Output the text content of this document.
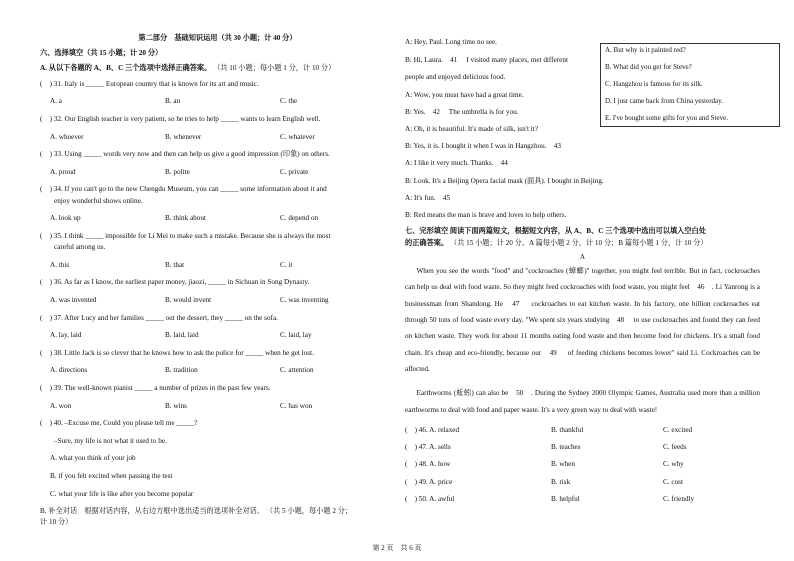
第二部分　基础知识运用（共 30 小题；计 40 分）
六、选择填空（共 15 小题；计 20 分）
A. 从以下各题的 A、B、C 三个选项中选择正确答案。 （共 10 小题；每小题 1 分，计 10 分）
(　) 31. Italy is _____ European country that is known for its art and music.
A. a	B. an	C. the
(　) 32. Our English teacher is very patient, so he tries to help _____ wants to learn English well.
A. whoever	B. whenever	C. whatever
(　) 33. Using _____ words very now and then can help us give a good impression (印象) on others.
A. proud	B. polite	C. private
(　) 34. If you can't go to the new Chengdu Museum, you can _____ some information about it and
enjoy wonderful shows online.
A. look up	B. think about	C. depend on
(　) 35. I think _____ impossible for Li Mei to make such a mistake. Because she is always the most
careful among us.
A. this	B. that	C. it
(　) 36. As far as I know, the earliest paper money, jiaozi, _____ in Sichuan in Song Dynasty.
A. was invented	B. would invent	C. was inventing
(　) 37. After Lucy and her families _____ out the dessert, they _____ on the sofa.
A. lay, laid	B. laid, laid	C. laid, lay
(　) 38. Little Jack is so clever that he knows how to ask the police for _____ when he get lost.
A. directions	B. tradition	C. attention
(　) 39. The well-known pianist _____ a number of prizes in the past few years.
A. won	B. wins	C. has won
(　) 40. –Excuse me, Could you please tell me _____?
–Sure, my life is not what it used to be.
A. what you think of your job
B. if you felt excited when passing the test
C. what your life is like after you become popular
B. 补全对话　根据对话内容，从右边方框中选出适当的选项补全对话。 （共 5 小题，每小题 2 分；
计 10 分）
A: Hey, Paul. Long time no see.
B: Hi, Laura.　41　 I visited many places, met different
people and enjoyed delicious food.
A: Wow, you must have had a great time.
B: Yes.　42　 The umbrella is for you.
A: Oh, it is beautiful. It's made of silk, isn't it?
B: Yes, it is. I bought it when I was in Hangzhou.　43
A: I like it very much. Thanks.　44
B: Look. It's a Beijing Opera facial mask (面具). I bought in Beijing.
A: It's fun.　45
B: Red means the man is brave and loves to help others.
七、完形填空 阅读下面两篇短文，根据短文内容，从 A、B、C 三个选项中选出可以填入空白处
的正确答案。 （共 15 小题；计 20 分。A 篇每小题 2 分，计 10 分；B 篇每小题 1 分，计 10 分）
A
When you see the words "food" and "cockroaches (蟑螂)" together, you might feel terrible. But in fact, cockroaches can help us deal with food waste. So they might feed cockroaches with food waste, you might feel　46　. Li Yanrong is a businessman from Shandong. He　47　 cockroaches to eat kitchen waste. In his factory, one billion cockroaches eat through 50 tons of food waste every day. "We spent six years studying　48　 to use cockroaches and found they can feed on kitchen waste. They work for about 11 months eating food waste and then become food for chickens. It's a small food chain. It's cheap and eco-friendly, because our　49　 of feeding chickens becomes lower" said Li. Cockroaches can be affected.
Earthworms (蚯蚓) can also be　50　. During the Sydney 2000 Olympic Games, Australia used more than a million earthworms to deal with food and paper waste. It's a very green way to deal with waste!
(　) 46. A. relaxed	B. thankful	C. excited
(　) 47. A. sells	B. teaches	C. feeds
(　) 48. A. how	B. when	C. why
(　) 49. A. price	B. risk	C. cost
(　) 50. A. awful	B. helpful	C. friendly

A. But why is it painted red?

B. What did you get for Steve?

C. Hangzhou is famous for its silk.

D. I just came back from China yesterday.

E. I've bought some gifts for you and Steve.

第 2 页　共 6 页
